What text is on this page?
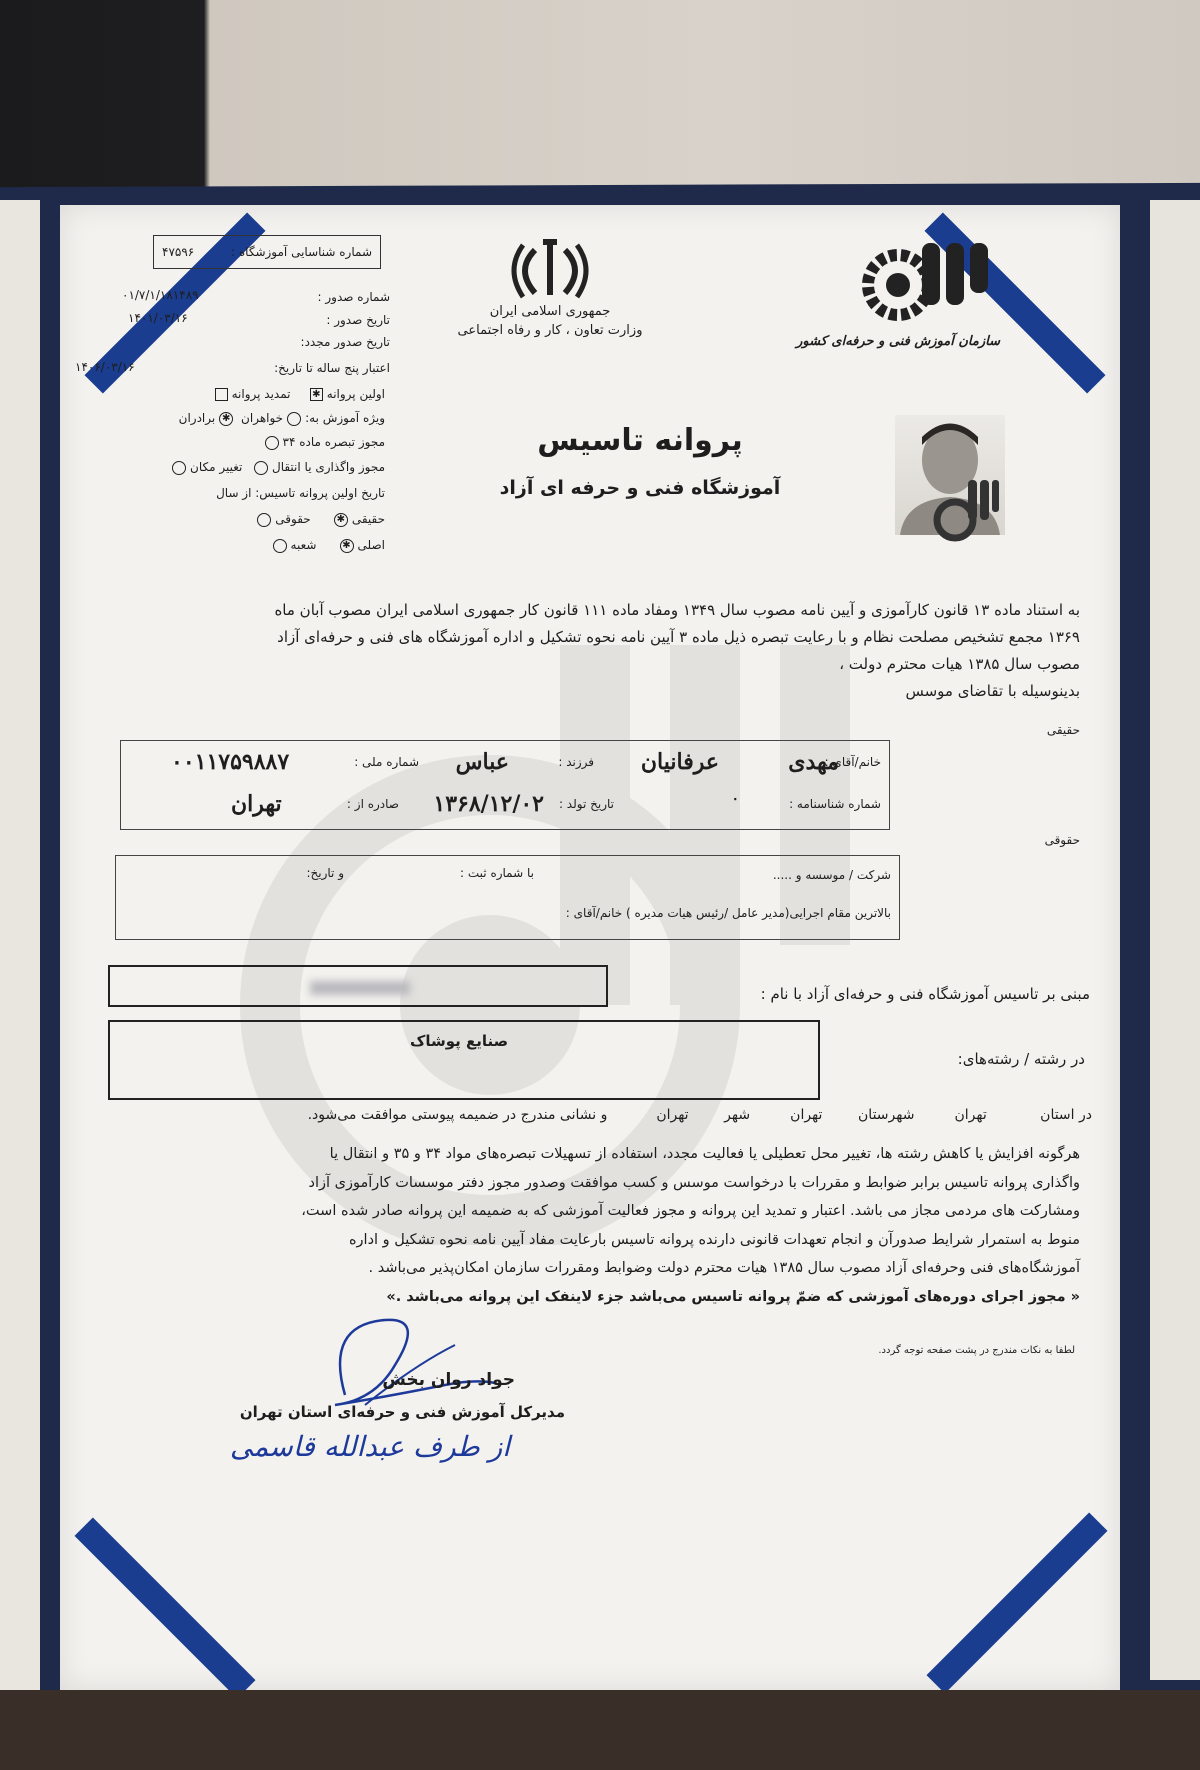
سازمان آموزش فنی و حرفه‌ای کشور
جمهوری اسلامی ایران
وزارت تعاون ، کار و رفاه اجتماعی
شماره شناسایی آموزشگاه :
۴۷۵۹۶
شماره صدور :
۰۱/۷/۱/۱۸۱۴۸۹
تاریخ صدور :
۱۴۰۱/۰۳/۱۶
تاریخ صدور مجدد:
اعتبار پنج ساله تا تاریخ:
۱۴۰۶/۰۳/۱۶
اولین پروانه✱    تمدید پروانه
ویژه آموزش به:خواهران ✱برادران
مجوز تبصره ماده ۳۴
مجوز واگذاری یا انتقال  تغییر مکان
تاریخ اولین پروانه تاسیس: از سال
حقیقی✱     حقوقی
اصلی✱     شعبه
پروانه تاسیس
آموزشگاه فنی و حرفه ای آزاد
به استناد ماده ۱۳ قانون کارآموزی و آیین نامه مصوب سال ۱۳۴۹ ومفاد ماده ۱۱۱ قانون کار جمهوری اسلامی ایران مصوب آبان ماه
۱۳۶۹ مجمع تشخیص مصلحت نظام و با رعایت تبصره ذیل ماده ۳ آیین نامه نحوه تشکیل و اداره آموزشگاه های فنی و حرفه‌ای آزاد
مصوب سال ۱۳۸۵ هیات محترم دولت ،
بدینوسیله با تقاضای موسس
حقیقی
خانم/آقای :
مهدی
عرفانیان
فرزند :
عباس
شماره ملی :
۰۰۱۱۷۵۹۸۸۷
شماره شناسنامه :
۰
تاریخ تولد :
۱۳۶۸/۱۲/۰۲
صادره از :
تهران
حقوقی
شرکت / موسسه و .....
با شماره ثبت :
و تاریخ:
بالاترین مقام اجرایی(مدیر عامل /رئیس هیات مدیره ) خانم/آقای :
مبنی بر تاسیس آموزشگاه فنی و حرفه‌ای آزاد با نام :
در رشته / رشته‌های:
صنایع پوشاک
در استان            تهران         شهرستان        تهران         شهر        تهران           و نشانی مندرج در ضمیمه پیوستی موافقت می‌شود.
هرگونه افزایش یا کاهش رشته ها، تغییر محل تعطیلی یا فعالیت مجدد، استفاده از تسهیلات تبصره‌های مواد ۳۴ و ۳۵ و انتقال یا
واگذاری پروانه تاسیس برابر ضوابط و مقررات با درخواست موسس و کسب موافقت وصدور مجوز دفتر موسسات کارآموزی آزاد
ومشارکت های مردمی مجاز می باشد. اعتبار و تمدید این پروانه و مجوز فعالیت آموزشی که به ضمیمه این پروانه صادر شده است،
منوط به استمرار شرایط صدورآن و انجام تعهدات قانونی دارنده پروانه تاسیس بارعایت مفاد آیین نامه نحوه تشکیل و اداره
آموزشگاه‌های فنی وحرفه‌ای آزاد مصوب سال ۱۳۸۵ هیات محترم دولت وضوابط ومقررات سازمان امکان‌پذیر می‌باشد .
« مجوز اجرای دوره‌های آموزشی که ضمّ پروانه تاسیس می‌باشد جزء لاینفک این پروانه می‌باشد .»
لطفا به نکات مندرج در پشت صفحه توجه گردد.
جواد روان بخش
مدیرکل آموزش فنی و حرفه‌ای استان تهران
از طرف عبدالله قاسمی
